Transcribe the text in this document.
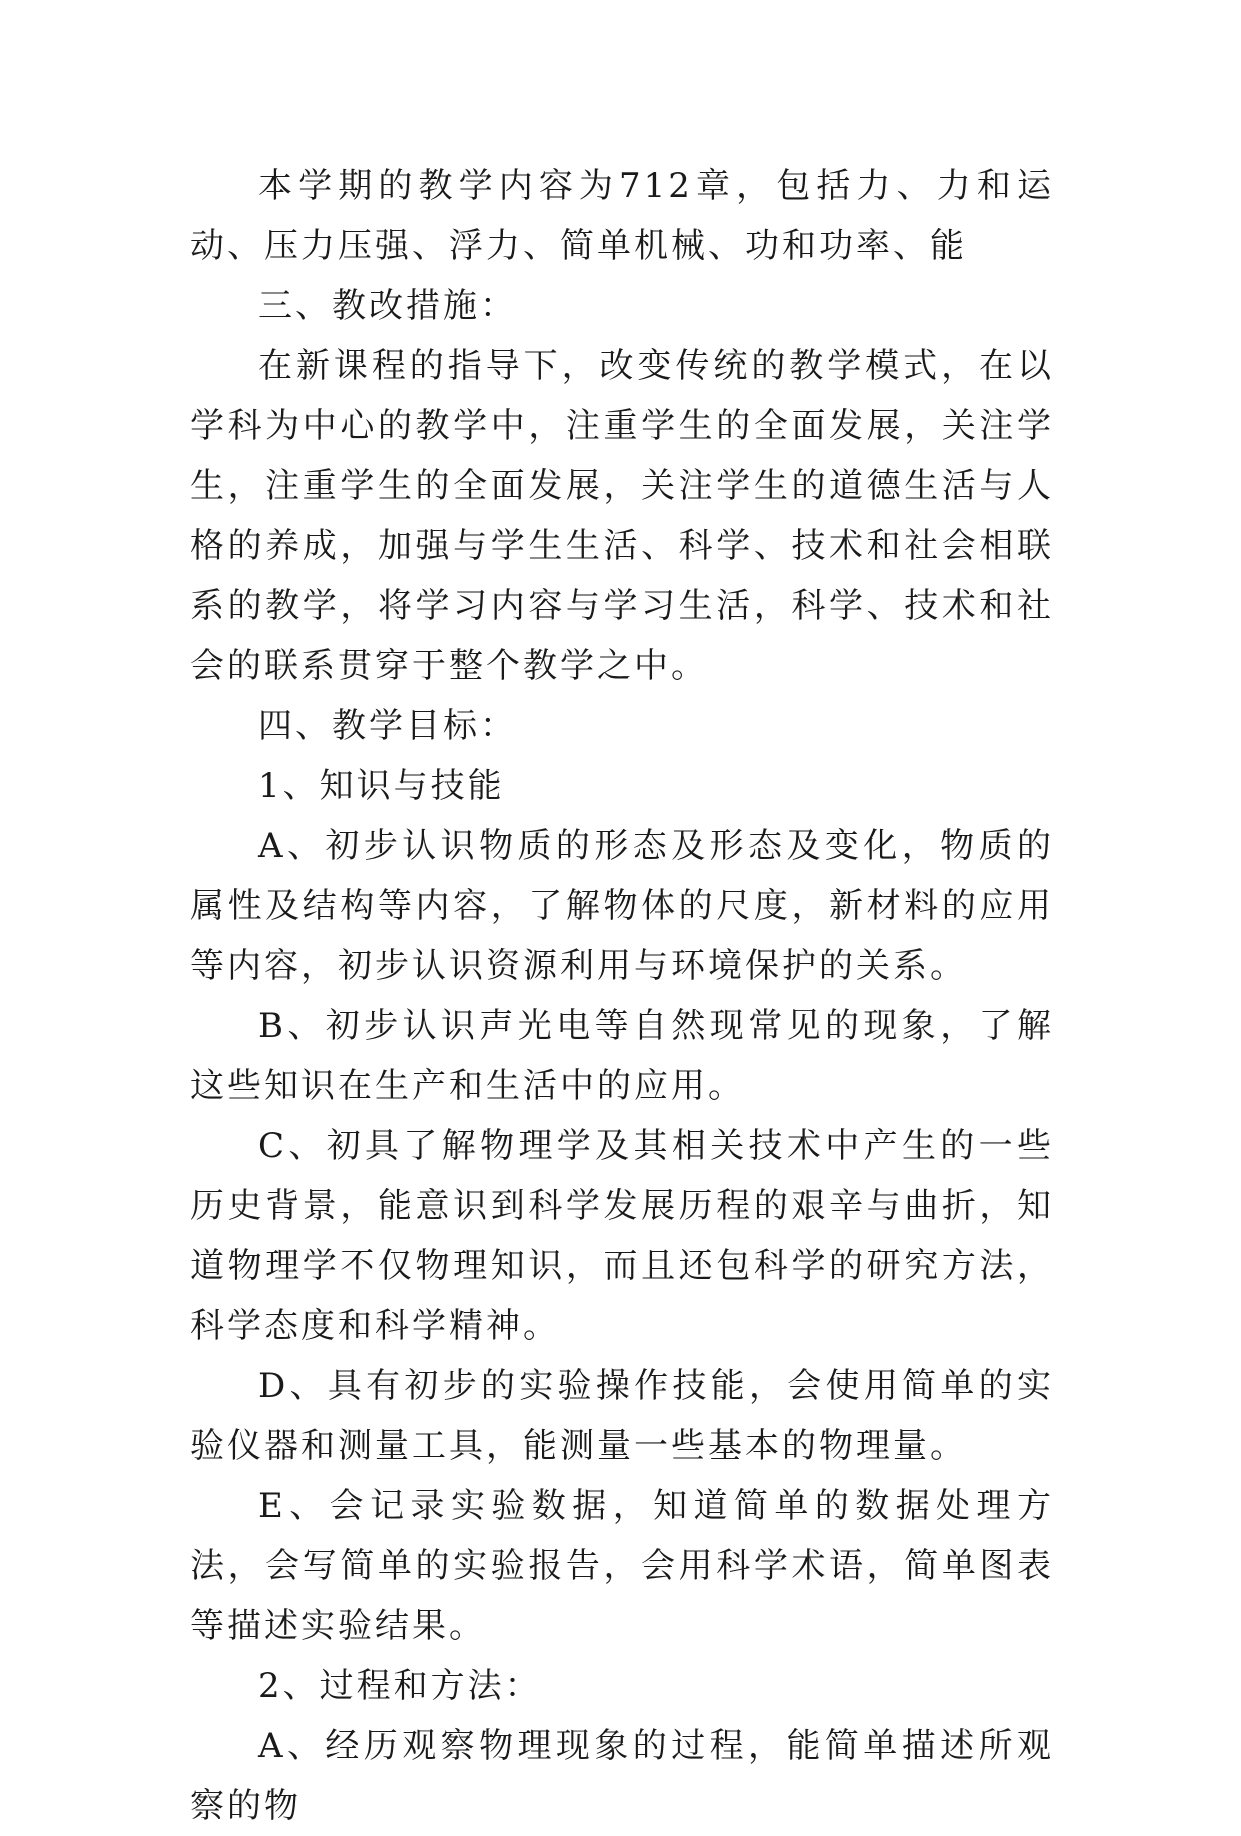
本学期的教学内容为712章，包括力、力和运动、压力压强、浮力、简单机械、功和功率、能

三、教改措施：

在新课程的指导下，改变传统的教学模式，在以学科为中心的教学中，注重学生的全面发展，关注学生，注重学生的全面发展，关注学生的道德生活与人格的养成，加强与学生生活、科学、技术和社会相联系的教学，将学习内容与学习生活，科学、技术和社会的联系贯穿于整个教学之中。

四、教学目标：

1、知识与技能

A、初步认识物质的形态及形态及变化，物质的属性及结构等内容，了解物体的尺度，新材料的应用等内容，初步认识资源利用与环境保护的关系。

B、初步认识声光电等自然现常见的现象，了解这些知识在生产和生活中的应用。

C、初具了解物理学及其相关技术中产生的一些历史背景，能意识到科学发展历程的艰辛与曲折，知道物理学不仅物理知识，而且还包科学的研究方法，科学态度和科学精神。

D、具有初步的实验操作技能，会使用简单的实验仪器和测量工具，能测量一些基本的物理量。

E、会记录实验数据，知道简单的数据处理方法，会写简单的实验报告，会用科学术语，简单图表等描述实验结果。

2、过程和方法：

A、经历观察物理现象的过程，能简单描述所观察的物
